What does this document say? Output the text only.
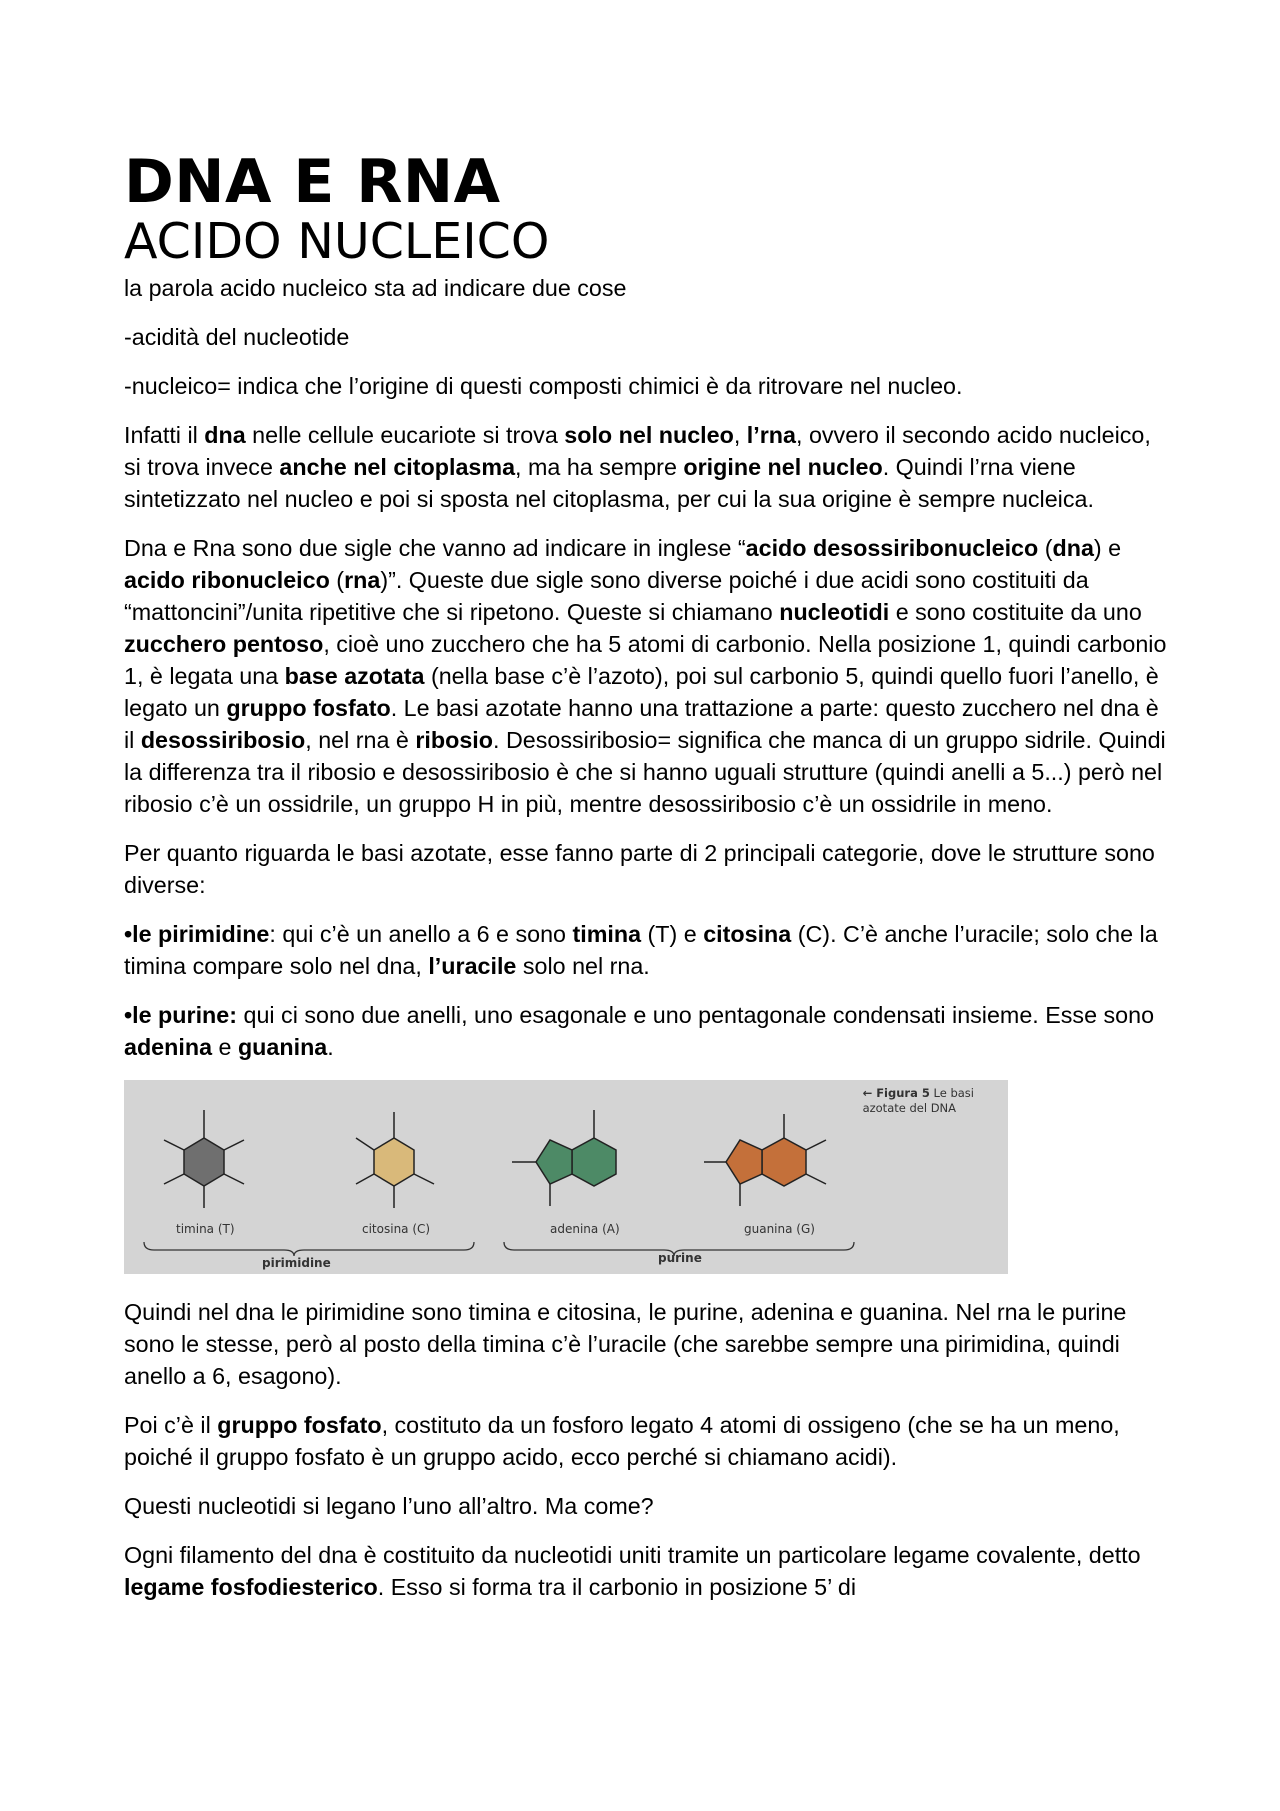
DNA E RNA
ACIDO NUCLEICO

la parola acido nucleico sta ad indicare due cose

-acidità del nucleotide

-nucleico= indica che l’origine di questi composti chimici è da ritrovare nel nucleo.

Infatti il dna nelle cellule eucariote si trova solo nel nucleo, l’rna, ovvero il secondo acido nucleico, si trova invece anche nel citoplasma, ma ha sempre origine nel nucleo. Quindi l’rna viene sintetizzato nel nucleo e poi si sposta nel citoplasma, per cui la sua origine è sempre nucleica.

Dna e Rna sono due sigle che vanno ad indicare in inglese “acido desossiribonucleico (dna) e acido ribonucleico (rna)”. Queste due sigle sono diverse poiché i due acidi sono costituiti da “mattoncini”/unita ripetitive che si ripetono. Queste si chiamano nucleotidi e sono costituite da uno zucchero pentoso, cioè uno zucchero che ha 5 atomi di carbonio. Nella posizione 1, quindi carbonio 1, è legata una base azotata (nella base c’è l’azoto), poi sul carbonio 5, quindi quello fuori l’anello, è legato un gruppo fosfato. Le basi azotate hanno una trattazione a parte: questo zucchero nel dna è il desossiribosio, nel rna è ribosio. Desossiribosio= significa che manca di un gruppo sidrile. Quindi la differenza tra il ribosio e desossiribosio è che si hanno uguali strutture (quindi anelli a 5...) però nel ribosio c’è un ossidrile, un gruppo H in più, mentre desossiribosio c’è un ossidrile in meno.

Per quanto riguarda le basi azotate, esse fanno parte di 2 principali categorie, dove le strutture sono diverse:

•le pirimidine: qui c’è un anello a 6 e sono timina (T) e citosina (C). C’è anche l’uracile; solo che la timina compare solo nel dna, l’uracile solo nel rna.

•le purine: qui ci sono due anelli, uno esagonale e uno pentagonale condensati insieme. Esse sono adenina e guanina.

← Figura 5 Le basi
azotate del DNA
timina (T)	citosina (C)	adenina (A)	guanina (G)
pirimidine	purine

Quindi nel dna le pirimidine sono timina e citosina, le purine, adenina e guanina. Nel rna le purine sono le stesse, però al posto della timina c’è l’uracile (che sarebbe sempre una pirimidina, quindi anello a 6, esagono).

Poi c’è il gruppo fosfato, costituto da un fosforo legato 4 atomi di ossigeno (che se ha un meno, poiché il gruppo fosfato è un gruppo acido, ecco perché si chiamano acidi).

Questi nucleotidi si legano l’uno all’altro. Ma come?

Ogni filamento del dna è costituito da nucleotidi uniti tramite un particolare legame covalente, detto legame fosfodiesterico. Esso si forma tra il carbonio in posizione 5’ di
